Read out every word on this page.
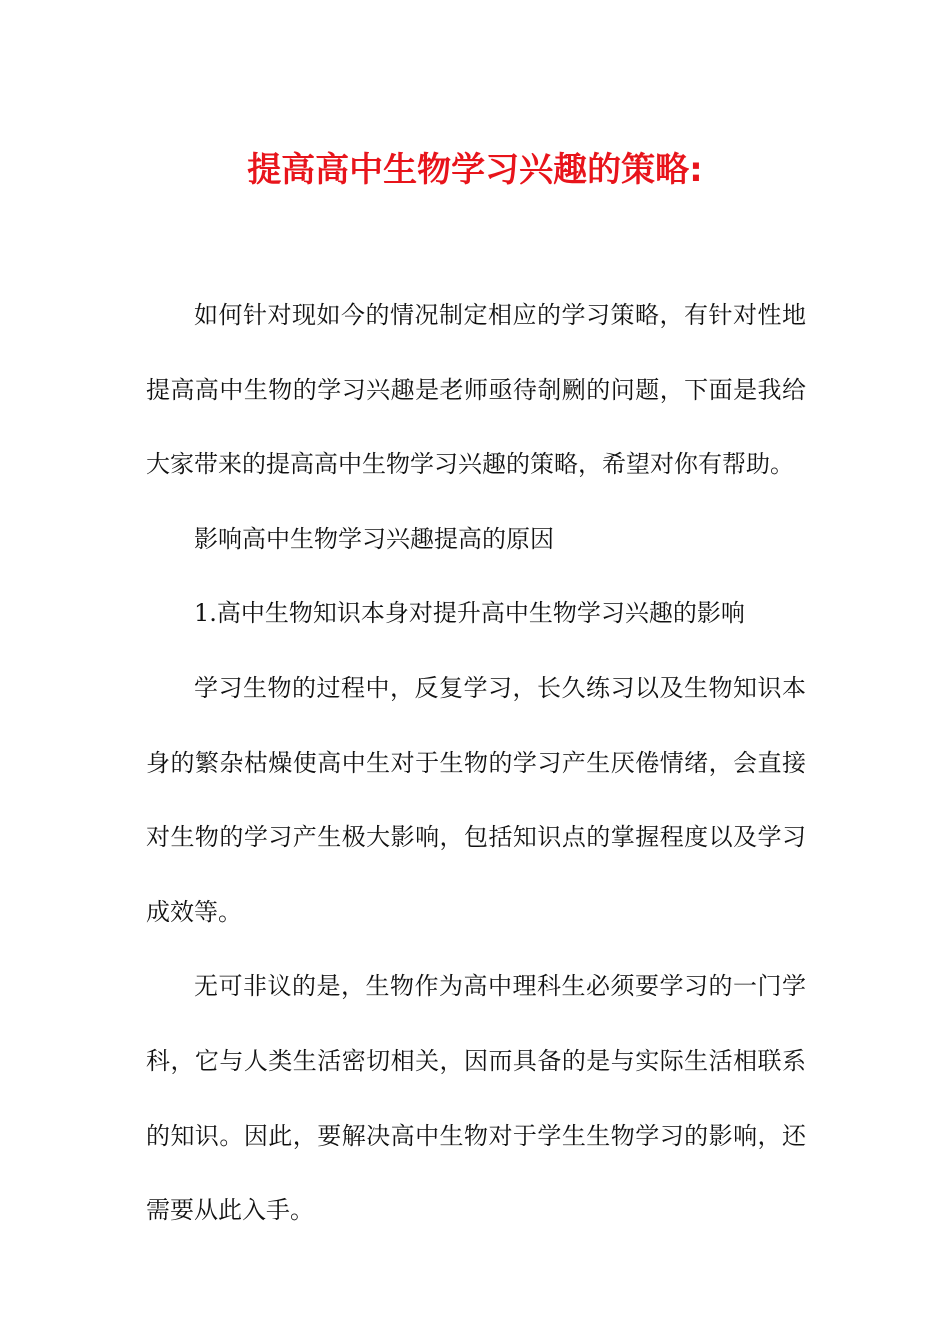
提高高中生物学习兴趣的策略:

如何针对现如今的情况制定相应的学习策略，有针对性地提高高中生物的学习兴趣是老师亟待剞劂的问题，下面是我给大家带来的提高高中生物学习兴趣的策略，希望对你有帮助。

影响高中生物学习兴趣提高的原因

1.高中生物知识本身对提升高中生物学习兴趣的影响

学习生物的过程中，反复学习，长久练习以及生物知识本身的繁杂枯燥使高中生对于生物的学习产生厌倦情绪，会直接对生物的学习产生极大影响，包括知识点的掌握程度以及学习成效等。

无可非议的是，生物作为高中理科生必须要学习的一门学科，它与人类生活密切相关，因而具备的是与实际生活相联系的知识。因此，要解决高中生物对于学生生物学习的影响，还需要从此入手。
